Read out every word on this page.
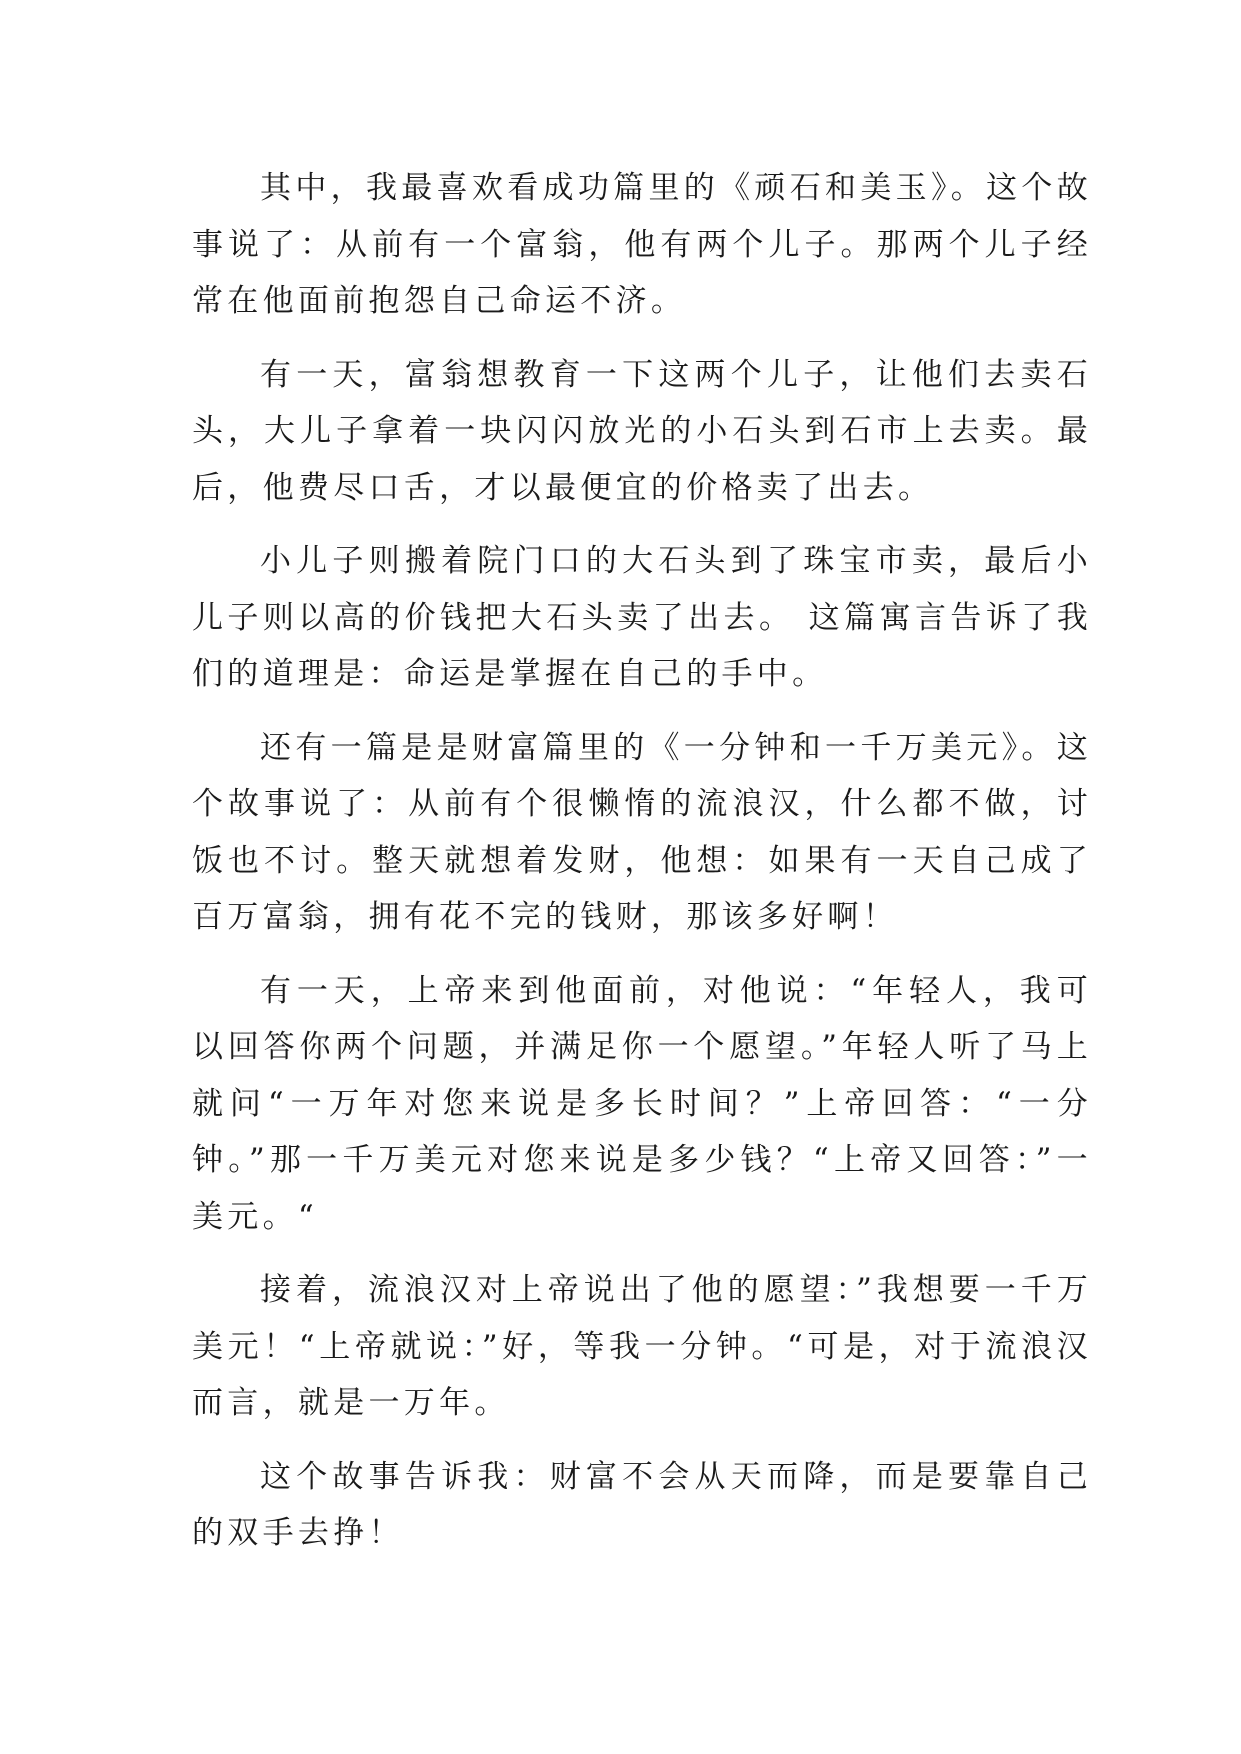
其中，我最喜欢看成功篇里的《顽石和美玉》。这个故事说了：从前有一个富翁，他有两个儿子。那两个儿子经常在他面前抱怨自己命运不济。

有一天，富翁想教育一下这两个儿子，让他们去卖石头，大儿子拿着一块闪闪放光的小石头到石市上去卖。最后，他费尽口舌，才以最便宜的价格卖了出去。

小儿子则搬着院门口的大石头到了珠宝市卖，最后小儿子则以高的价钱把大石头卖了出去。 这篇寓言告诉了我们的道理是：命运是掌握在自己的手中。

还有一篇是是财富篇里的《一分钟和一千万美元》。这个故事说了：从前有个很懒惰的流浪汉，什么都不做，讨饭也不讨。整天就想着发财，他想：如果有一天自己成了百万富翁，拥有花不完的钱财，那该多好啊！

有一天，上帝来到他面前，对他说：“年轻人，我可以回答你两个问题，并满足你一个愿望。”年轻人听了马上就问“一万年对您来说是多长时间？”上帝回答：“一分钟。”那一千万美元对您来说是多少钱？“上帝又回答：”一美元。“

接着，流浪汉对上帝说出了他的愿望：”我想要一千万美元！“上帝就说：”好，等我一分钟。“可是，对于流浪汉而言，就是一万年。

这个故事告诉我：财富不会从天而降，而是要靠自己的双手去挣！
